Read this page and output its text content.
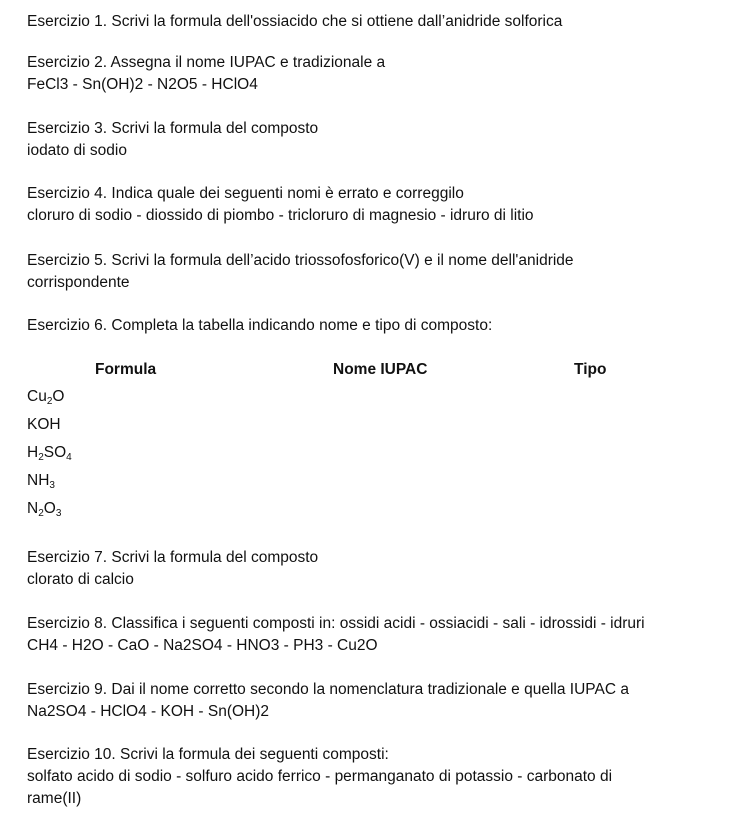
Esercizio 1. Scrivi la formula dell'ossiacido che si ottiene dall’anidride solforica

Esercizio 2. Assegna il nome IUPAC e tradizionale a

FeCl3 - Sn(OH)2 - N2O5 - HClO4

Esercizio 3. Scrivi la formula del composto

iodato di sodio

Esercizio 4. Indica quale dei seguenti nomi è errato e correggilo

cloruro di sodio - diossido di piombo - tricloruro di magnesio - idruro di litio

Esercizio 5. Scrivi la formula dell’acido triossofosforico(V) e il nome dell'anidride

corrispondente

Esercizio 6. Completa la tabella indicando nome e tipo di composto:

Formula	Nome IUPAC	Tipo
$Cu_2O$
KOH
$H_2SO_4$
$NH_3$
$N_2O_3$

Esercizio 7. Scrivi la formula del composto

clorato di calcio

Esercizio 8. Classifica i seguenti composti in: ossidi acidi - ossiacidi - sali - idrossidi - idruri

CH4 - H2O - CaO - Na2SO4 - HNO3 - PH3 - Cu2O

Esercizio 9. Dai il nome corretto secondo la nomenclatura tradizionale e quella IUPAC a

Na2SO4 - HClO4 - KOH - Sn(OH)2

Esercizio 10. Scrivi la formula dei seguenti composti:

solfato acido di sodio - solfuro acido ferrico - permanganato di potassio - carbonato di

rame(II)
